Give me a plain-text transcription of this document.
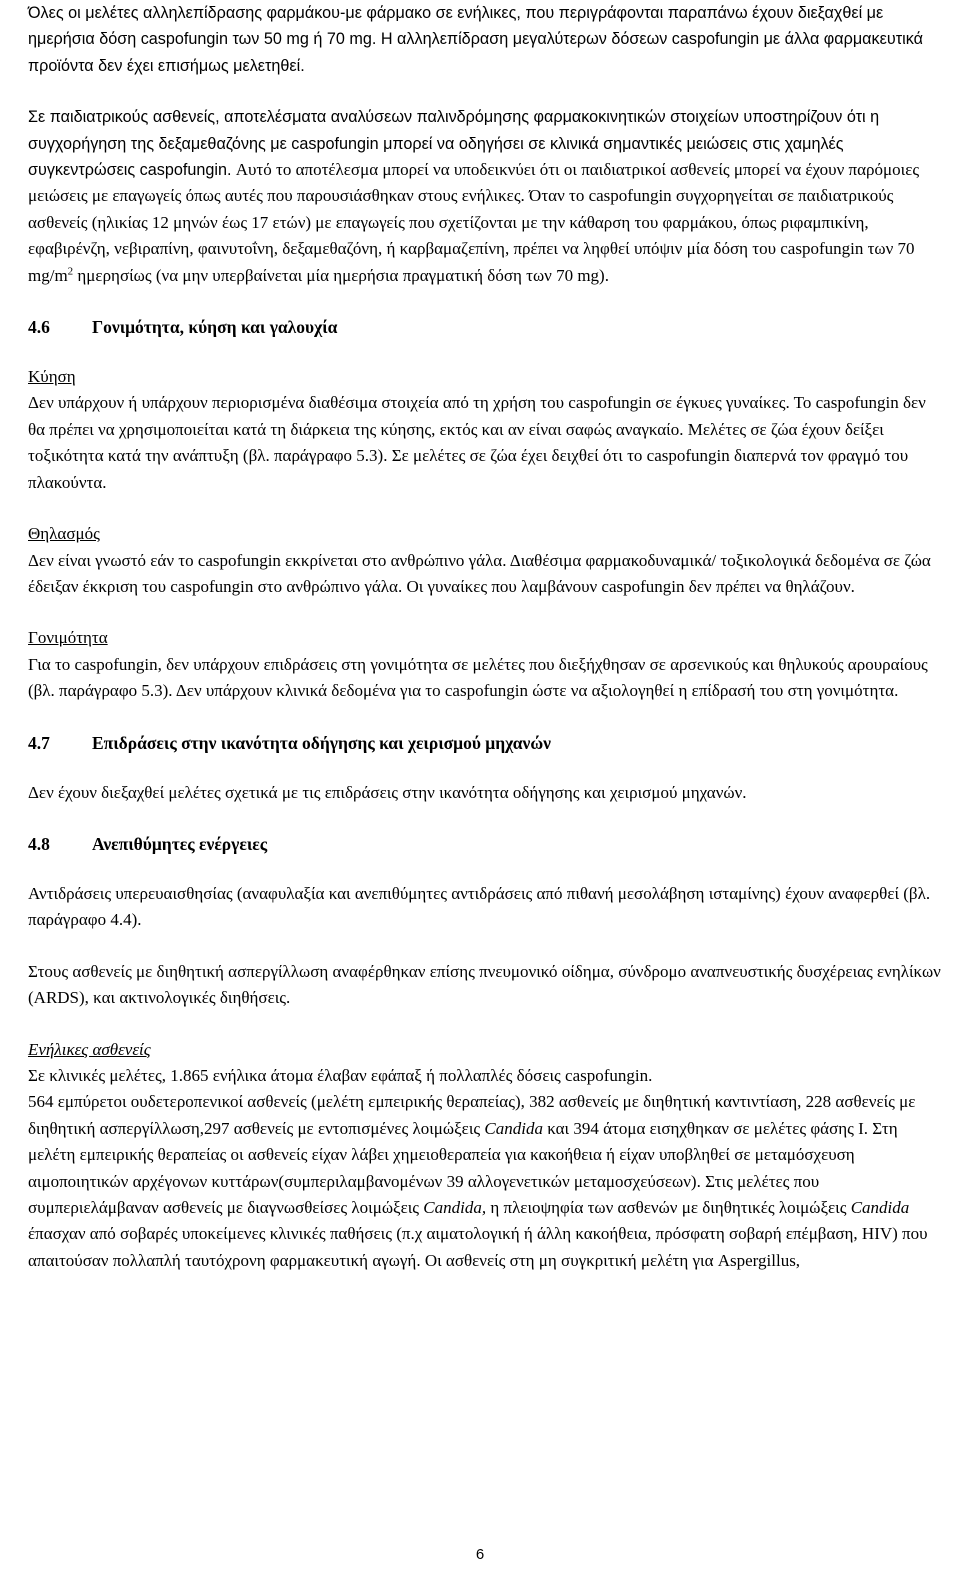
Όλες οι μελέτες αλληλεπίδρασης φαρμάκου-με φάρμακο σε ενήλικες, που περιγράφονται παραπάνω έχουν διεξαχθεί με ημερήσια δόση caspofungin των 50 mg ή 70 mg. Η αλληλεπίδραση μεγαλύτερων δόσεων caspofungin με άλλα φαρμακευτικά προϊόντα δεν έχει επισήμως μελετηθεί.

Σε παιδιατρικούς ασθενείς, αποτελέσματα αναλύσεων παλινδρόμησης φαρμακοκινητικών στοιχείων υποστηρίζουν ότι η συγχορήγηση της δεξαμεθαζόνης με caspofungin μπορεί να οδηγήσει σε κλινικά σημαντικές μειώσεις στις χαμηλές συγκεντρώσεις caspofungin. Αυτό το αποτέλεσμα μπορεί να υποδεικνύει ότι οι παιδιατρικοί ασθενείς μπορεί να έχουν παρόμοιες μειώσεις με επαγωγείς όπως αυτές που παρουσιάσθηκαν στους ενήλικες. Όταν το caspofungin συγχορηγείται σε παιδιατρικούς ασθενείς (ηλικίας 12 μηνών έως 17 ετών) με επαγωγείς που σχετίζονται με την κάθαρση του φαρμάκου, όπως ριφαμπικίνη, εφαβιρένζη, νεβιραπίνη, φαινυτοΐνη, δεξαμεθαζόνη, ή καρβαμαζεπίνη, πρέπει να ληφθεί υπόψιν μία δόση του caspofungin των 70 $mg/m^2$ ημερησίως (να μην υπερβαίνεται μία ημερήσια πραγματική δόση των 70 mg).

4.6 Γονιμότητα, κύηση και γαλουχία

Κύηση

Δεν υπάρχουν ή υπάρχουν περιορισμένα διαθέσιμα στοιχεία από τη χρήση του caspofungin σε έγκυες γυναίκες. Το caspofungin δεν θα πρέπει να χρησιμοποιείται κατά τη διάρκεια της κύησης, εκτός και αν είναι σαφώς αναγκαίο. Μελέτες σε ζώα έχουν δείξει τοξικότητα κατά την ανάπτυξη (βλ. παράγραφο 5.3). Σε μελέτες σε ζώα έχει δειχθεί ότι το caspofungin διαπερνά τον φραγμό του πλακούντα.

Θηλασμός

Δεν είναι γνωστό εάν το caspofungin εκκρίνεται στο ανθρώπινο γάλα. Διαθέσιμα φαρμακοδυναμικά/ τοξικολογικά δεδομένα σε ζώα έδειξαν έκκριση του caspofungin στο ανθρώπινο γάλα. Οι γυναίκες που λαμβάνουν caspofungin δεν πρέπει να θηλάζουν.

Γονιμότητα

Για το caspofungin, δεν υπάρχουν επιδράσεις στη γονιμότητα σε μελέτες που διεξήχθησαν σε αρσενικούς και θηλυκούς αρουραίους (βλ. παράγραφο 5.3). Δεν υπάρχουν κλινικά δεδομένα για το caspofungin ώστε να αξιολογηθεί η επίδρασή του στη γονιμότητα.

4.7 Επιδράσεις στην ικανότητα οδήγησης και χειρισμού μηχανών

Δεν έχουν διεξαχθεί μελέτες σχετικά με τις επιδράσεις στην ικανότητα οδήγησης και χειρισμού μηχανών.

4.8 Ανεπιθύμητες ενέργειες

Αντιδράσεις υπερευαισθησίας (αναφυλαξία και ανεπιθύμητες αντιδράσεις από πιθανή μεσολάβηση ισταμίνης) έχουν αναφερθεί (βλ. παράγραφο 4.4).

Στους ασθενείς με διηθητική ασπεργίλλωση αναφέρθηκαν επίσης πνευμονικό οίδημα, σύνδρομο αναπνευστικής δυσχέρειας ενηλίκων (ARDS), και ακτινολογικές διηθήσεις.

Ενήλικες ασθενείς

Σε κλινικές μελέτες, 1.865 ενήλικα άτομα έλαβαν εφάπαξ ή πολλαπλές δόσεις caspofungin.

564 εμπύρετοι ουδετεροπενικοί ασθενείς (μελέτη εμπειρικής θεραπείας), 382 ασθενείς με διηθητική καντιντίαση, 228 ασθενείς με διηθητική ασπεργίλλωση,297 ασθενείς με εντοπισμένες λοιμώξεις Candida και 394 άτομα εισηχθηκαν σε μελέτες φάσης Ι. Στη μελέτη εμπειρικής θεραπείας οι ασθενείς είχαν λάβει χημειοθεραπεία για κακοήθεια ή είχαν υποβληθεί σε μεταμόσχευση αιμοποιητικών αρχέγονων κυττάρων(συμπεριλαμβανομένων 39 αλλογενετικών μεταμοσχεύσεων). Στις μελέτες που συμπεριελάμβαναν ασθενείς με διαγνωσθείσες λοιμώξεις Candida, η πλειοψηφία των ασθενών με διηθητικές λοιμώξεις Candida έπασχαν από σοβαρές υποκείμενες κλινικές παθήσεις (π.χ αιματολογική ή άλλη κακοήθεια, πρόσφατη σοβαρή επέμβαση, HIV) που απαιτούσαν πολλαπλή ταυτόχρονη φαρμακευτική αγωγή. Οι ασθενείς στη μη συγκριτική μελέτη για Aspergillus,

6
